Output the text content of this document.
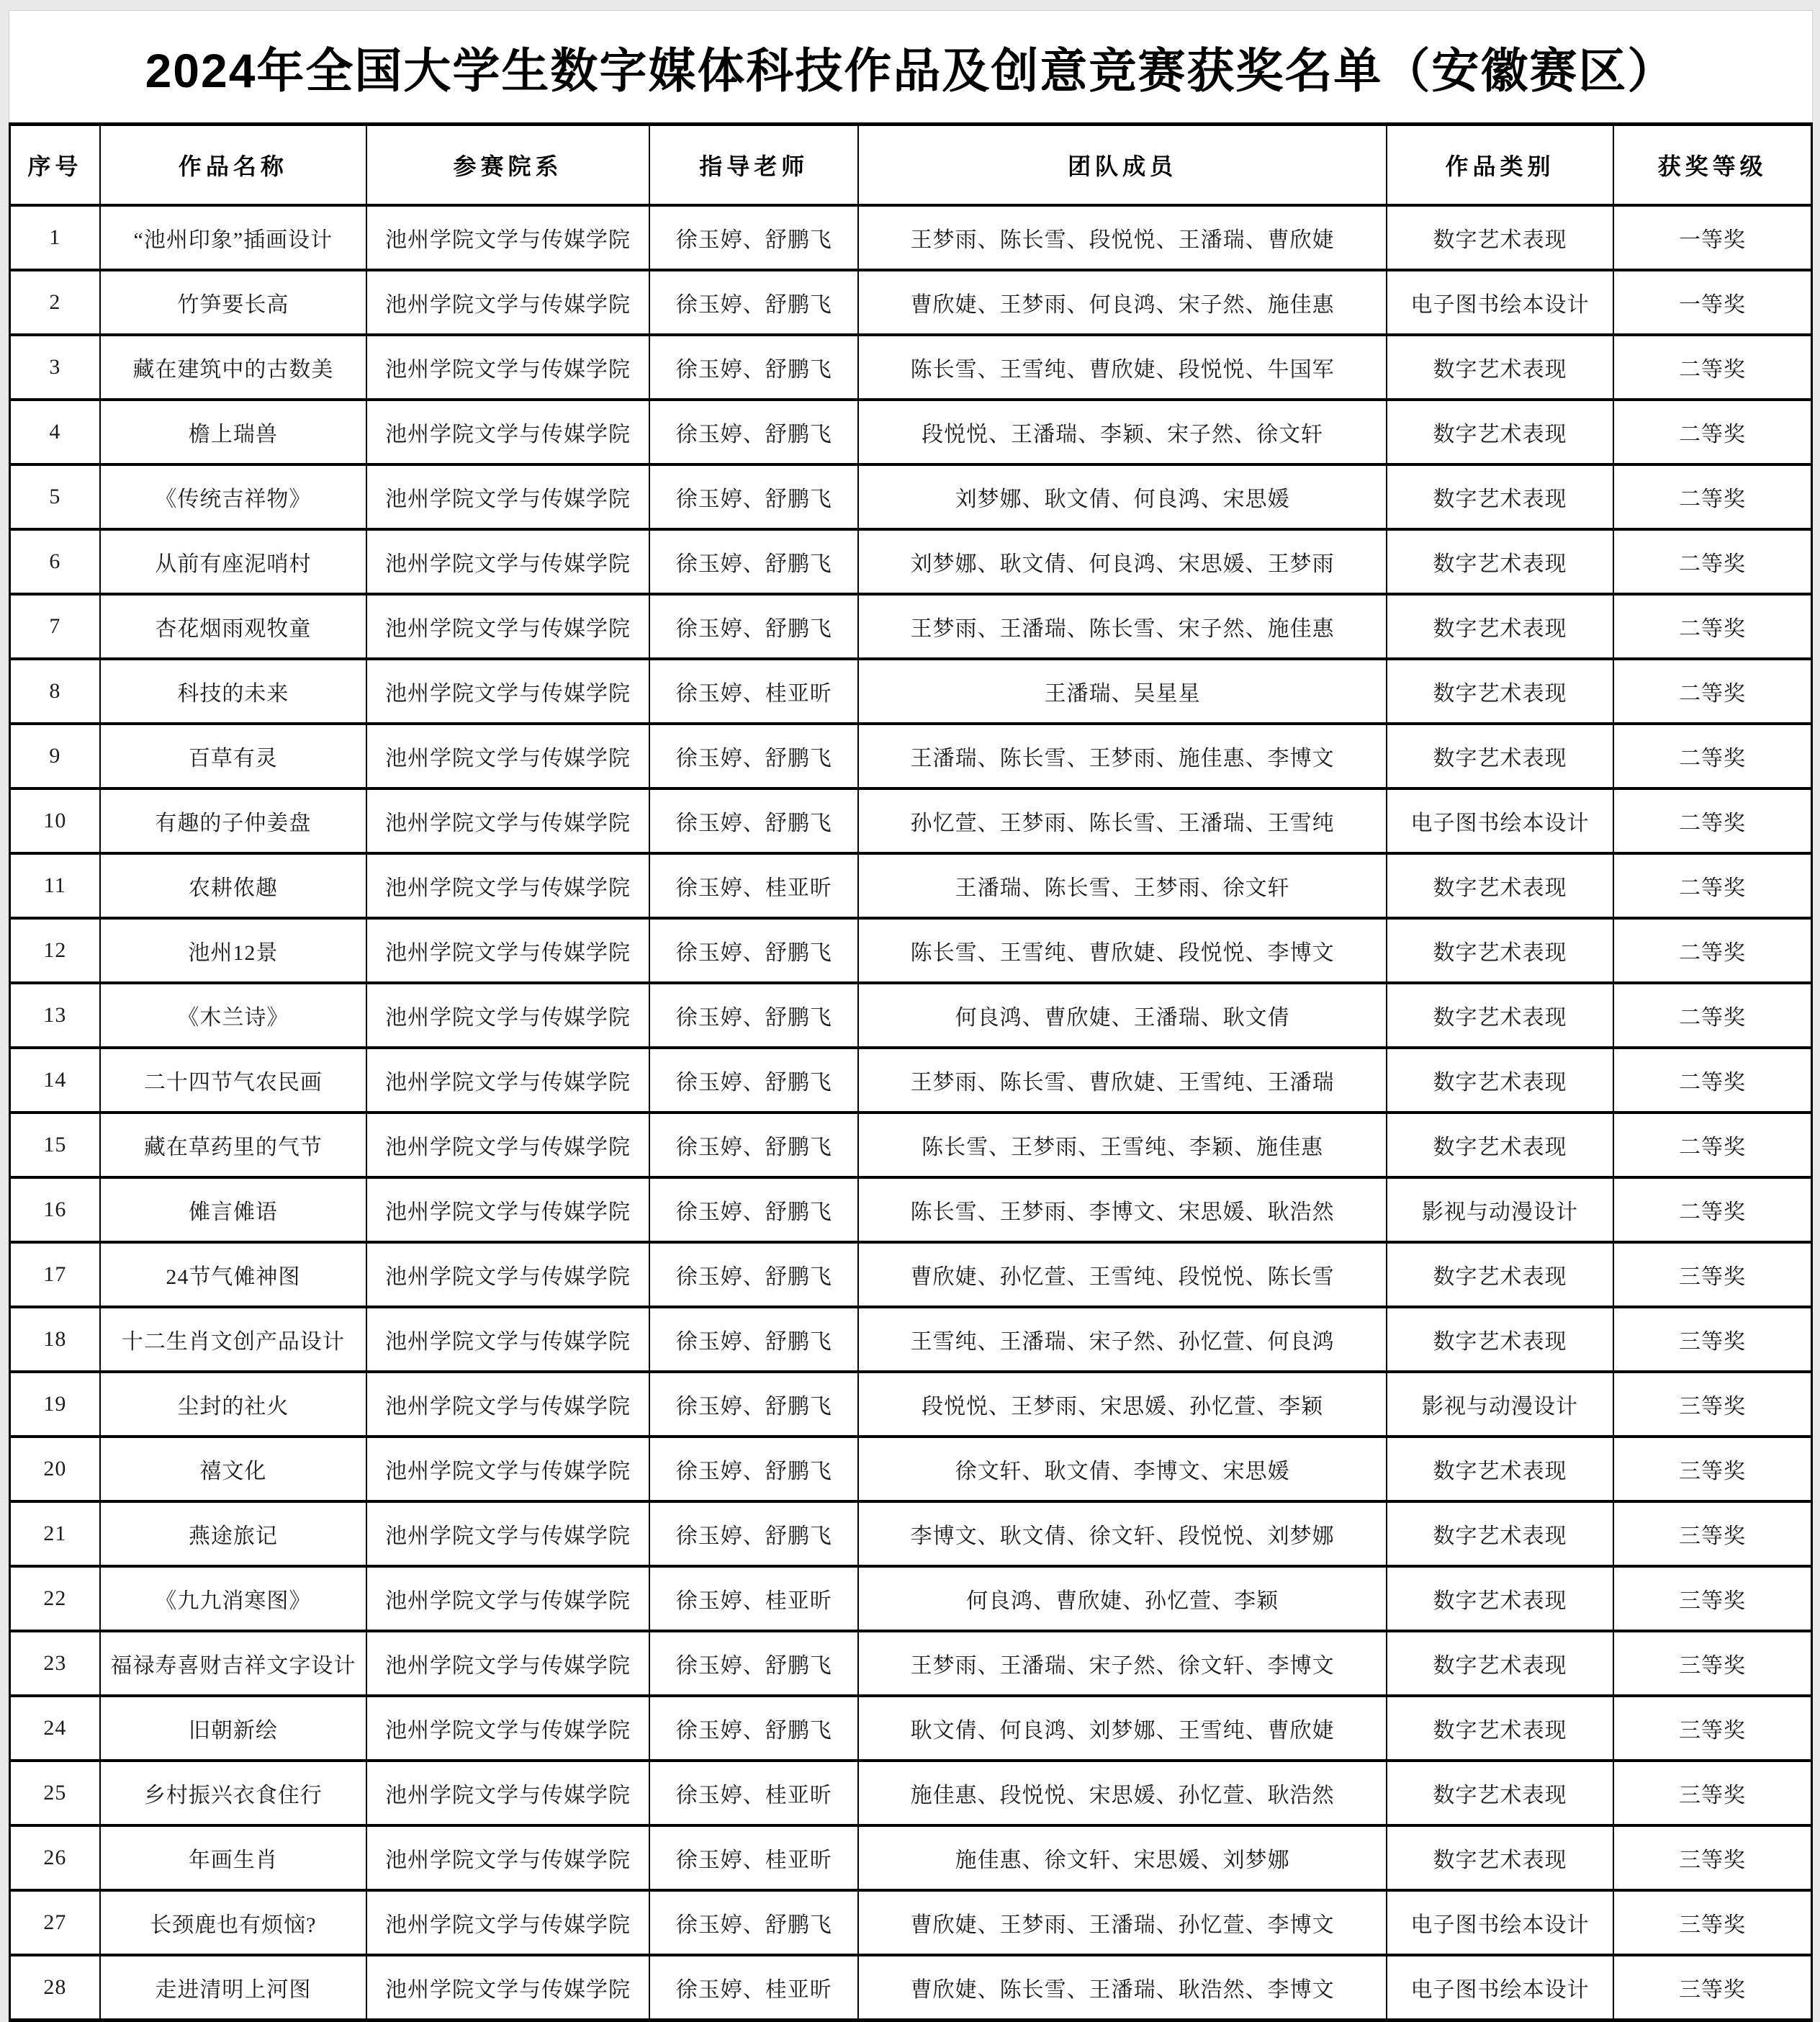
2024年全国大学生数字媒体科技作品及创意竞赛获奖名单（安徽赛区）
序号	作品名称	参赛院系	指导老师	团队成员	作品类别	获奖等级
1	“池州印象”插画设计	池州学院文学与传媒学院	徐玉婷、舒鹏飞	王梦雨、陈长雪、段悦悦、王潘瑞、曹欣婕	数字艺术表现	一等奖
2	竹笋要长高	池州学院文学与传媒学院	徐玉婷、舒鹏飞	曹欣婕、王梦雨、何良鸿、宋子然、施佳惠	电子图书绘本设计	一等奖
3	藏在建筑中的古数美	池州学院文学与传媒学院	徐玉婷、舒鹏飞	陈长雪、王雪纯、曹欣婕、段悦悦、牛国军	数字艺术表现	二等奖
4	檐上瑞兽	池州学院文学与传媒学院	徐玉婷、舒鹏飞	段悦悦、王潘瑞、李颖、宋子然、徐文轩	数字艺术表现	二等奖
5	《传统吉祥物》	池州学院文学与传媒学院	徐玉婷、舒鹏飞	刘梦娜、耿文倩、何良鸿、宋思媛	数字艺术表现	二等奖
6	从前有座泥哨村	池州学院文学与传媒学院	徐玉婷、舒鹏飞	刘梦娜、耿文倩、何良鸿、宋思媛、王梦雨	数字艺术表现	二等奖
7	杏花烟雨观牧童	池州学院文学与传媒学院	徐玉婷、舒鹏飞	王梦雨、王潘瑞、陈长雪、宋子然、施佳惠	数字艺术表现	二等奖
8	科技的未来	池州学院文学与传媒学院	徐玉婷、桂亚昕	王潘瑞、吴星星	数字艺术表现	二等奖
9	百草有灵	池州学院文学与传媒学院	徐玉婷、舒鹏飞	王潘瑞、陈长雪、王梦雨、施佳惠、李博文	数字艺术表现	二等奖
10	有趣的子仲姜盘	池州学院文学与传媒学院	徐玉婷、舒鹏飞	孙忆萱、王梦雨、陈长雪、王潘瑞、王雪纯	电子图书绘本设计	二等奖
11	农耕侬趣	池州学院文学与传媒学院	徐玉婷、桂亚昕	王潘瑞、陈长雪、王梦雨、徐文轩	数字艺术表现	二等奖
12	池州12景	池州学院文学与传媒学院	徐玉婷、舒鹏飞	陈长雪、王雪纯、曹欣婕、段悦悦、李博文	数字艺术表现	二等奖
13	《木兰诗》	池州学院文学与传媒学院	徐玉婷、舒鹏飞	何良鸿、曹欣婕、王潘瑞、耿文倩	数字艺术表现	二等奖
14	二十四节气农民画	池州学院文学与传媒学院	徐玉婷、舒鹏飞	王梦雨、陈长雪、曹欣婕、王雪纯、王潘瑞	数字艺术表现	二等奖
15	藏在草药里的气节	池州学院文学与传媒学院	徐玉婷、舒鹏飞	陈长雪、王梦雨、王雪纯、李颖、施佳惠	数字艺术表现	二等奖
16	傩言傩语	池州学院文学与传媒学院	徐玉婷、舒鹏飞	陈长雪、王梦雨、李博文、宋思媛、耿浩然	影视与动漫设计	二等奖
17	24节气傩神图	池州学院文学与传媒学院	徐玉婷、舒鹏飞	曹欣婕、孙忆萱、王雪纯、段悦悦、陈长雪	数字艺术表现	三等奖
18	十二生肖文创产品设计	池州学院文学与传媒学院	徐玉婷、舒鹏飞	王雪纯、王潘瑞、宋子然、孙忆萱、何良鸿	数字艺术表现	三等奖
19	尘封的社火	池州学院文学与传媒学院	徐玉婷、舒鹏飞	段悦悦、王梦雨、宋思媛、孙忆萱、李颖	影视与动漫设计	三等奖
20	禧文化	池州学院文学与传媒学院	徐玉婷、舒鹏飞	徐文轩、耿文倩、李博文、宋思媛	数字艺术表现	三等奖
21	燕途旅记	池州学院文学与传媒学院	徐玉婷、舒鹏飞	李博文、耿文倩、徐文轩、段悦悦、刘梦娜	数字艺术表现	三等奖
22	《九九消寒图》	池州学院文学与传媒学院	徐玉婷、桂亚昕	何良鸿、曹欣婕、孙忆萱、李颖	数字艺术表现	三等奖
23	福禄寿喜财吉祥文字设计	池州学院文学与传媒学院	徐玉婷、舒鹏飞	王梦雨、王潘瑞、宋子然、徐文轩、李博文	数字艺术表现	三等奖
24	旧朝新绘	池州学院文学与传媒学院	徐玉婷、舒鹏飞	耿文倩、何良鸿、刘梦娜、王雪纯、曹欣婕	数字艺术表现	三等奖
25	乡村振兴衣食住行	池州学院文学与传媒学院	徐玉婷、桂亚昕	施佳惠、段悦悦、宋思媛、孙忆萱、耿浩然	数字艺术表现	三等奖
26	年画生肖	池州学院文学与传媒学院	徐玉婷、桂亚昕	施佳惠、徐文轩、宋思媛、刘梦娜	数字艺术表现	三等奖
27	长颈鹿也有烦恼?	池州学院文学与传媒学院	徐玉婷、舒鹏飞	曹欣婕、王梦雨、王潘瑞、孙忆萱、李博文	电子图书绘本设计	三等奖
28	走进清明上河图	池州学院文学与传媒学院	徐玉婷、桂亚昕	曹欣婕、陈长雪、王潘瑞、耿浩然、李博文	电子图书绘本设计	三等奖
